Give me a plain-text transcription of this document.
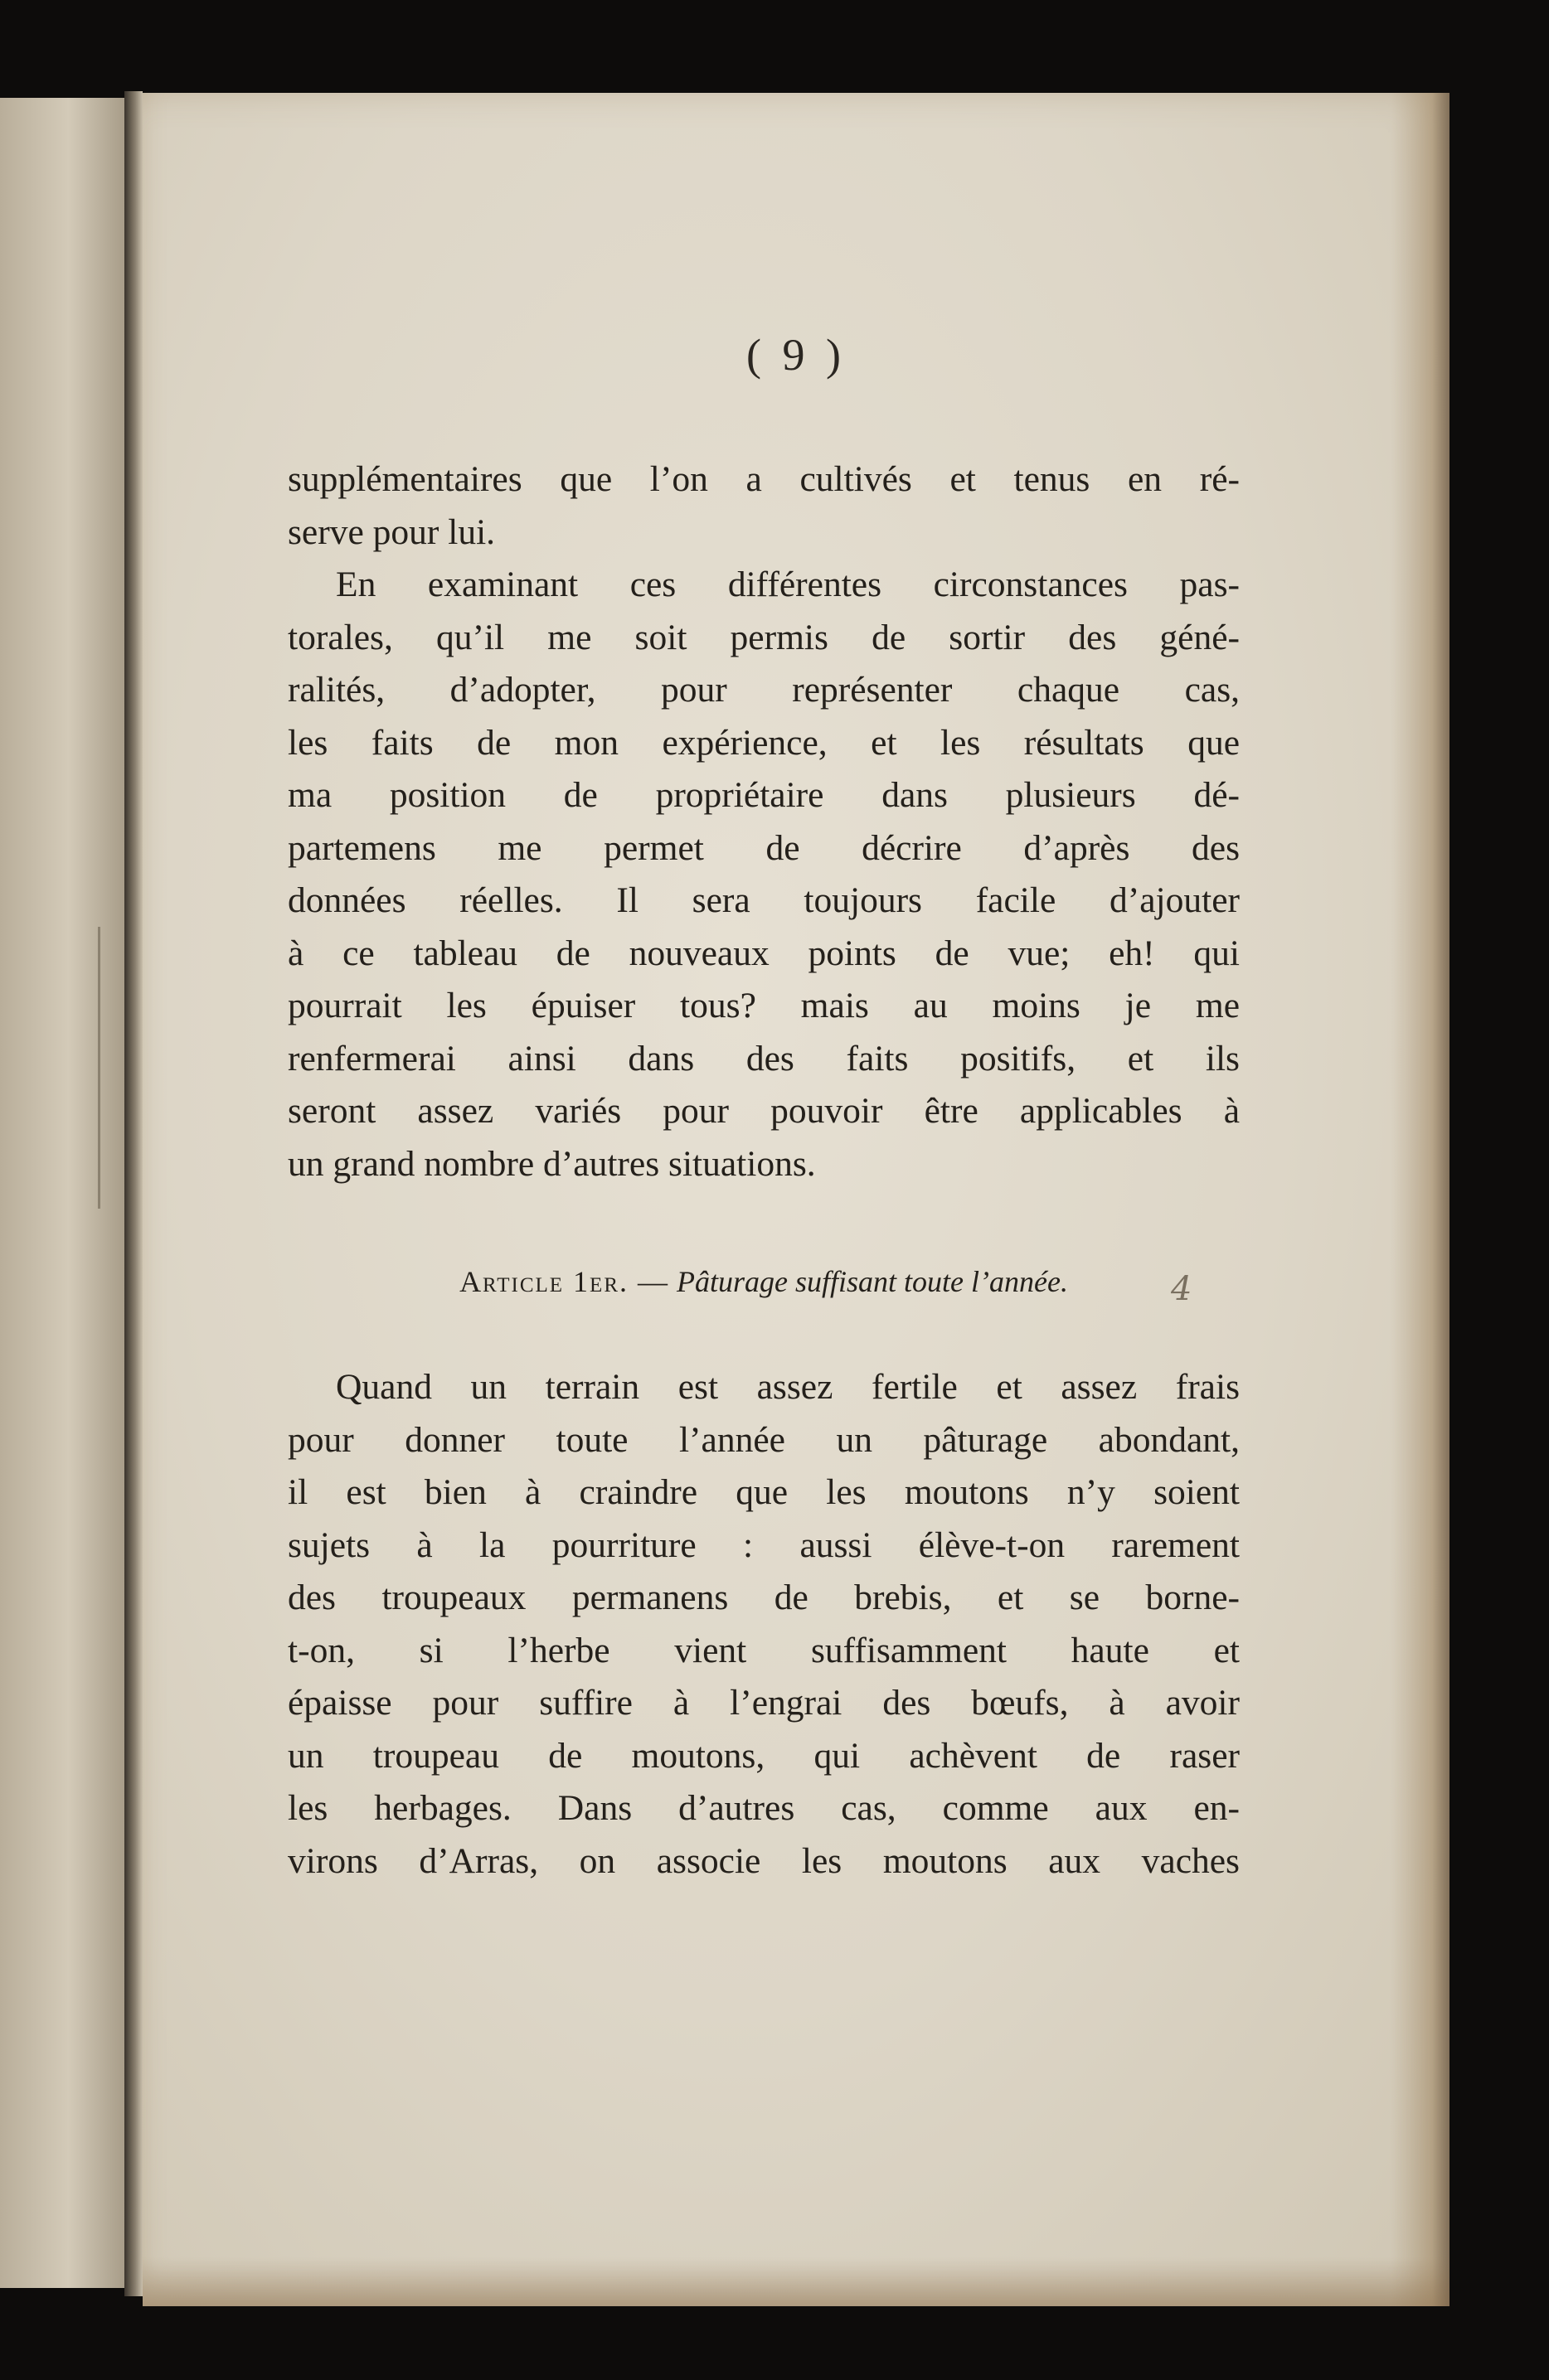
( 9 )
supplémentaires que l’on a cultivés et tenus en ré-
serve pour lui.
En examinant ces différentes circonstances pas-
torales, qu’il me soit permis de sortir des géné-
ralités, d’adopter, pour représenter chaque cas,
les faits de mon expérience, et les résultats que
ma position de propriétaire dans plusieurs dé-
partemens me permet de décrire d’après des
données réelles. Il sera toujours facile d’ajouter
à ce tableau de nouveaux points de vue; eh! qui
pourrait les épuiser tous? mais au moins je me
renfermerai ainsi dans des faits positifs, et ils
seront assez variés pour pouvoir être applicables à
un grand nombre d’autres situations.
Article 1er. — Pâturage suffisant toute l’année.	4
Quand un terrain est assez fertile et assez frais
pour donner toute l’année un pâturage abondant,
il est bien à craindre que les moutons n’y soient
sujets à la pourriture : aussi élève-t-on rarement
des troupeaux permanens de brebis, et se borne-
t-on, si l’herbe vient suffisamment haute et
épaisse pour suffire à l’engrai des bœufs, à avoir
un troupeau de moutons, qui achèvent de raser
les herbages. Dans d’autres cas, comme aux en-
virons d’Arras, on associe les moutons aux vaches
